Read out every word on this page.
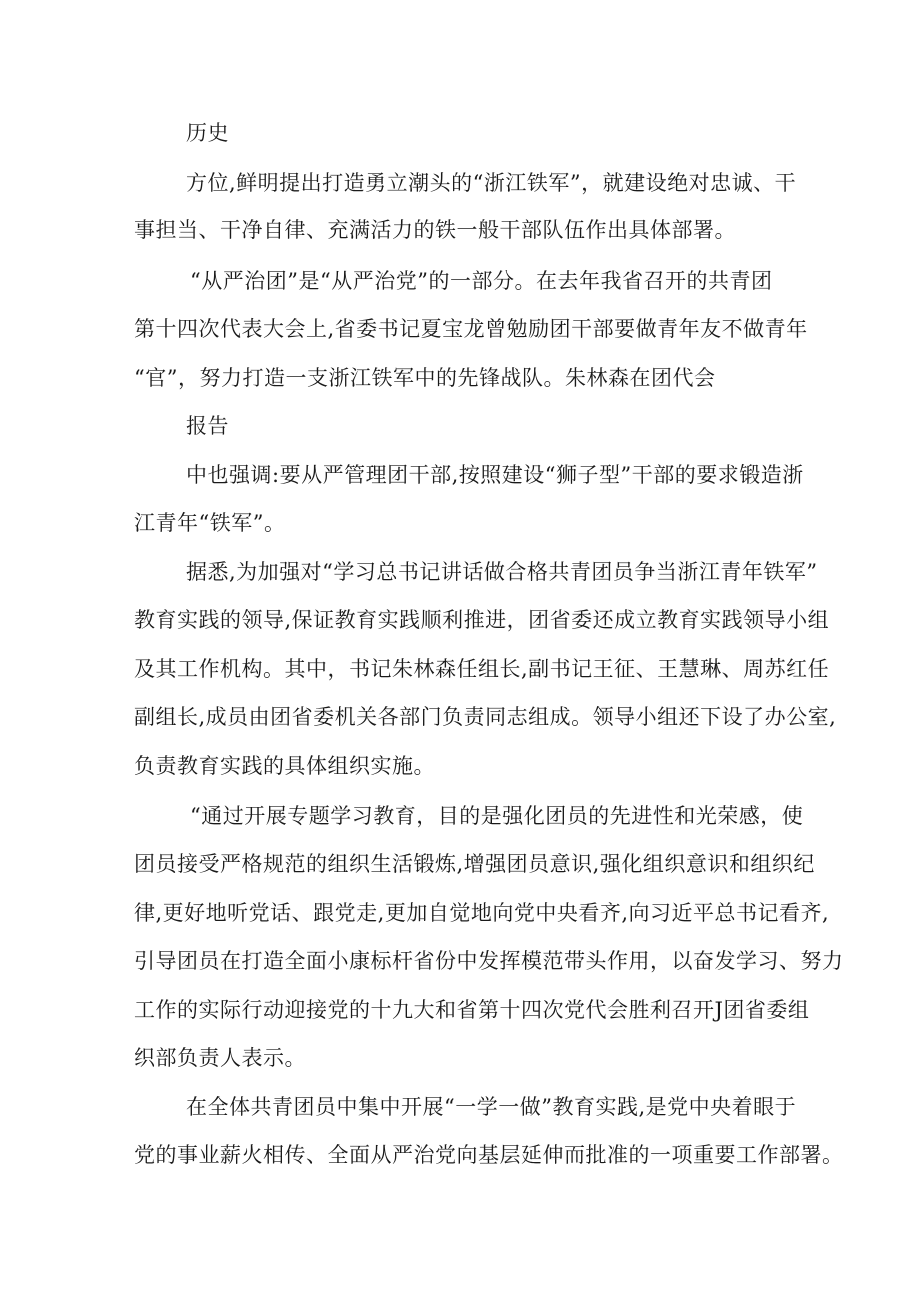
历史
方位,鲜明提出打造勇立潮头的“浙江铁军”，就建设绝对忠诚、干
事担当、干净自律、充满活力的铁一般干部队伍作出具体部署。
“从严治团”是“从严治党”的一部分。在去年我省召开的共青团
第十四次代表大会上,省委书记夏宝龙曾勉励团干部要做青年友不做青年
“官”，努力打造一支浙江铁军中的先锋战队。朱林森在团代会
报告
中也强调:要从严管理团干部,按照建设“狮子型”干部的要求锻造浙
江青年“铁军”。
据悉,为加强对“学习总书记讲话做合格共青团员争当浙江青年铁军”
教育实践的领导,保证教育实践顺利推进，团省委还成立教育实践领导小组
及其工作机构。其中，书记朱林森任组长,副书记王征、王慧琳、周苏红任
副组长,成员由团省委机关各部门负责同志组成。领导小组还下设了办公室,
负责教育实践的具体组织实施。
“通过开展专题学习教育，目的是强化团员的先进性和光荣感，使
团员接受严格规范的组织生活锻炼,增强团员意识,强化组织意识和组织纪
律,更好地听党话、跟党走,更加自觉地向党中央看齐,向习近平总书记看齐,
引导团员在打造全面小康标杆省份中发挥模范带头作用，以奋发学习、努力
工作的实际行动迎接党的十九大和省第十四次党代会胜利召开J团省委组
织部负责人表示。
在全体共青团员中集中开展“一学一做”教育实践,是党中央着眼于
党的事业薪火相传、全面从严治党向基层延伸而批准的一项重要工作部署。
